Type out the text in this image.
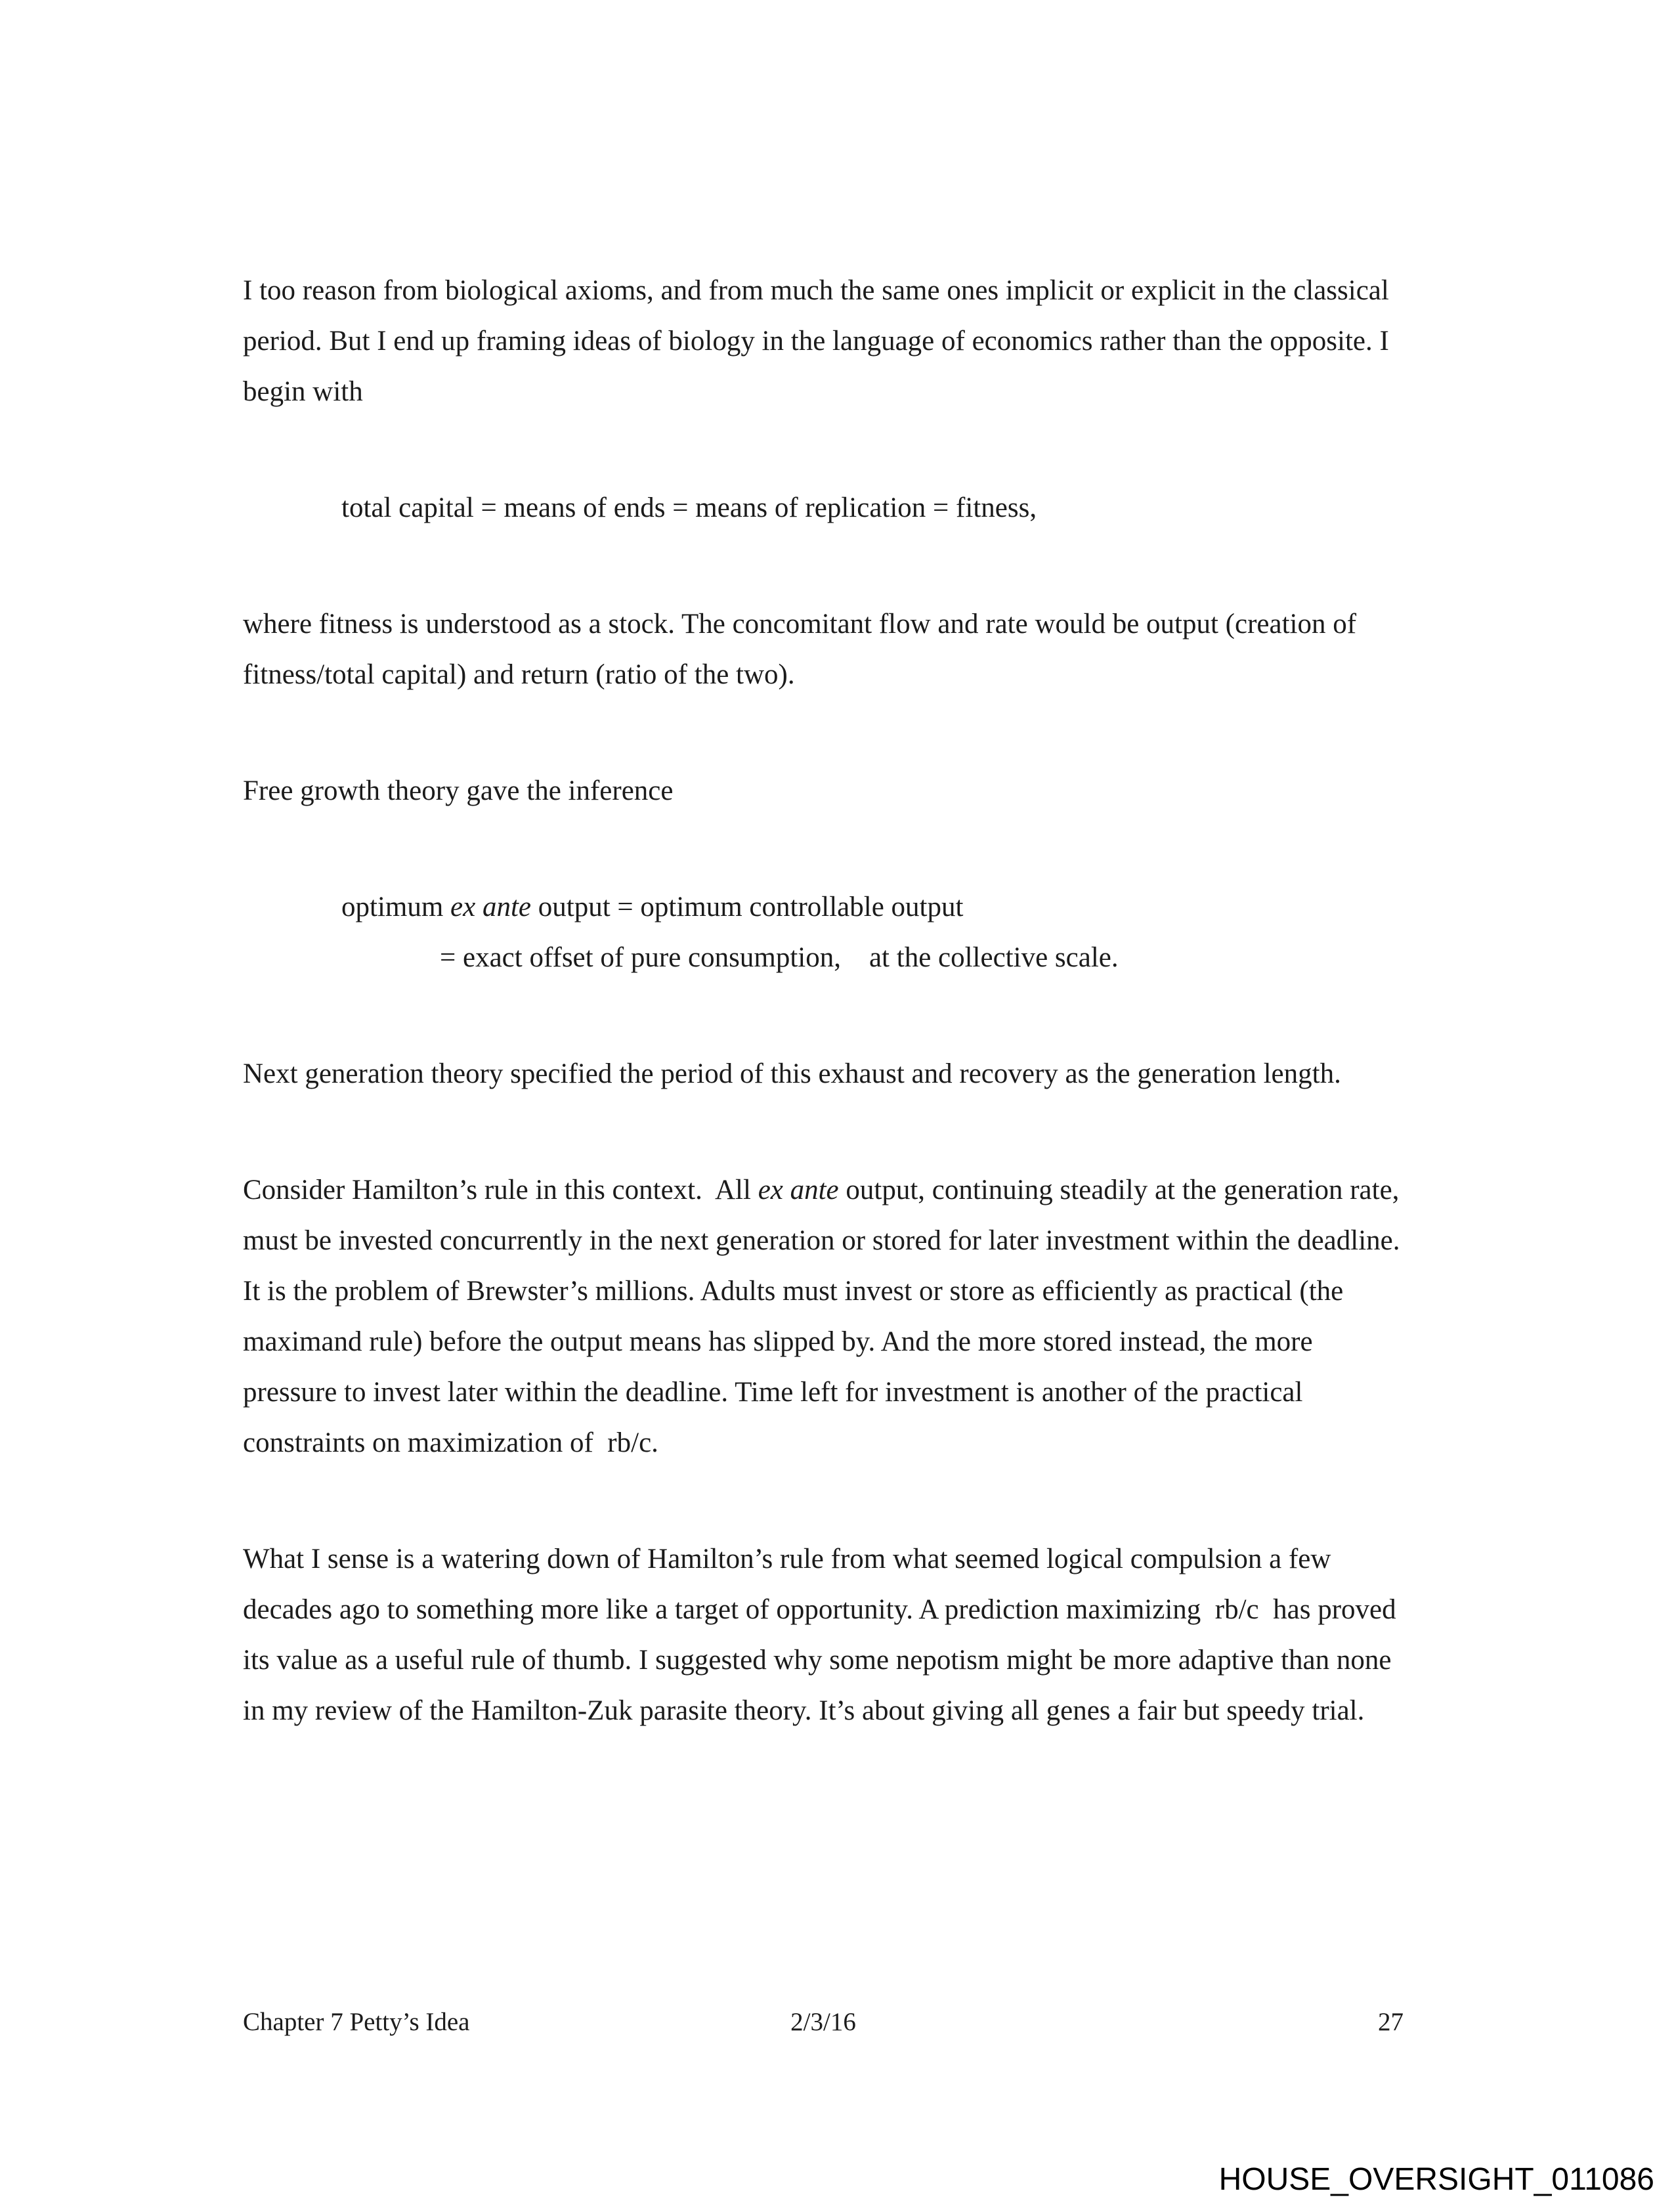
I too reason from biological axioms, and from much the same ones implicit or explicit in the classical period. But I end up framing ideas of biology in the language of economics rather than the opposite. I begin with

total capital = means of ends = means of replication = fitness,

where fitness is understood as a stock. The concomitant flow and rate would be output (creation of fitness/total capital) and return (ratio of the two).

Free growth theory gave the inference

optimum ex ante output = optimum controllable output
= exact offset of pure consumption,    at the collective scale.

Next generation theory specified the period of this exhaust and recovery as the generation length.

Consider Hamilton’s rule in this context.  All ex ante output, continuing steadily at the generation rate, must be invested concurrently in the next generation or stored for later investment within the deadline.  It is the problem of Brewster’s millions. Adults must invest or store as efficiently as practical (the maximand rule) before the output means has slipped by. And the more stored instead, the more pressure to invest later within the deadline. Time left for investment is another of the practical constraints on maximization of  rb/c.

What I sense is a watering down of Hamilton’s rule from what seemed logical compulsion a few decades ago to something more like a target of opportunity. A prediction maximizing  rb/c  has proved its value as a useful rule of thumb. I suggested why some nepotism might be more adaptive than none in my review of the Hamilton-Zuk parasite theory. It’s about giving all genes a fair but speedy trial.

Chapter 7 Petty’s Idea	2/3/16	27
HOUSE_OVERSIGHT_011086
